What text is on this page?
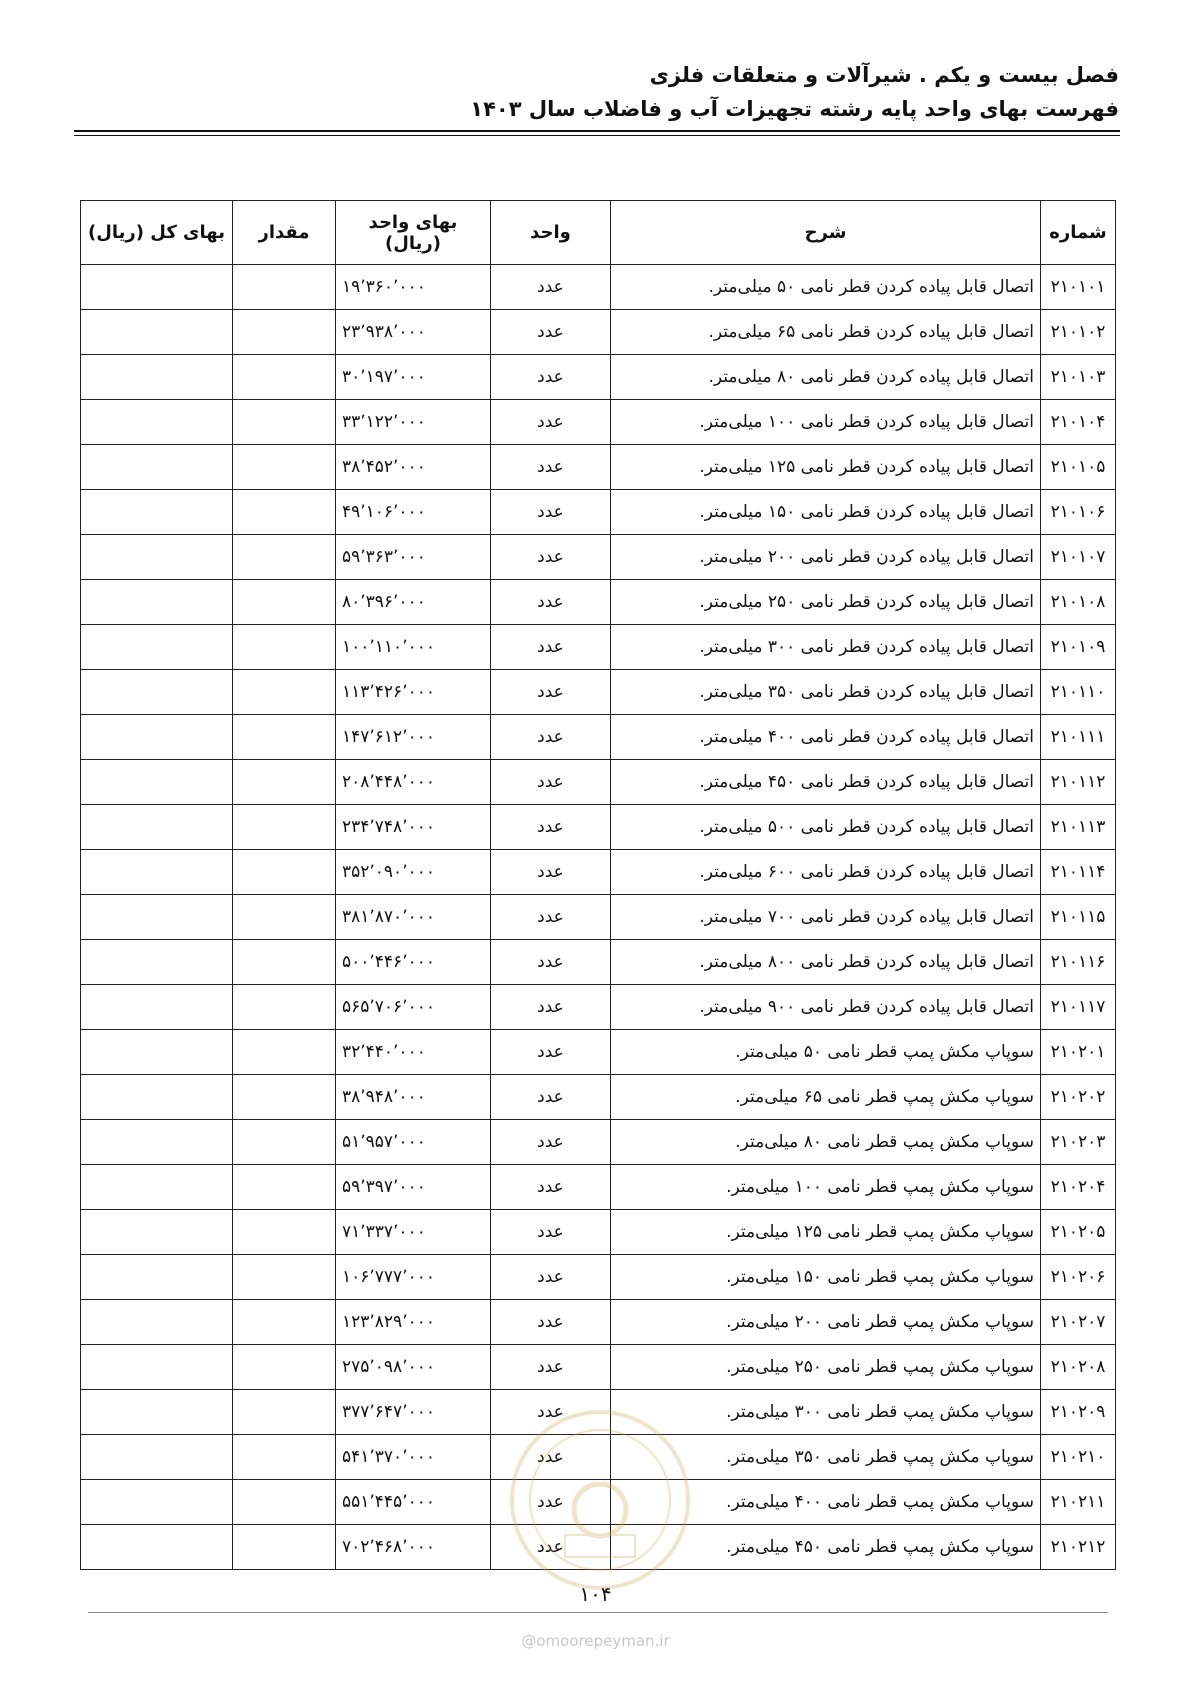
فصل بیست و یکم . شیرآلات و متعلقات فلزی
فهرست بهای واحد پایه رشته تجهیزات آب و فاضلاب سال ۱۴۰۳
شماره	شرح	واحد	بهای واحد (ریال)	مقدار	بهای کل (ریال)
۲۱۰۱۰۱	اتصال قابل پیاده کردن قطر نامی ۵۰ میلی‌متر.	عدد	۱۹٬۳۶۰٬۰۰۰		
۲۱۰۱۰۲	اتصال قابل پیاده کردن قطر نامی ۶۵ میلی‌متر.	عدد	۲۳٬۹۳۸٬۰۰۰		
۲۱۰۱۰۳	اتصال قابل پیاده کردن قطر نامی ۸۰ میلی‌متر.	عدد	۳۰٬۱۹۷٬۰۰۰		
۲۱۰۱۰۴	اتصال قابل پیاده کردن قطر نامی ۱۰۰ میلی‌متر.	عدد	۳۳٬۱۲۲٬۰۰۰		
۲۱۰۱۰۵	اتصال قابل پیاده کردن قطر نامی ۱۲۵ میلی‌متر.	عدد	۳۸٬۴۵۲٬۰۰۰		
۲۱۰۱۰۶	اتصال قابل پیاده کردن قطر نامی ۱۵۰ میلی‌متر.	عدد	۴۹٬۱۰۶٬۰۰۰		
۲۱۰۱۰۷	اتصال قابل پیاده کردن قطر نامی ۲۰۰ میلی‌متر.	عدد	۵۹٬۳۶۳٬۰۰۰		
۲۱۰۱۰۸	اتصال قابل پیاده کردن قطر نامی ۲۵۰ میلی‌متر.	عدد	۸۰٬۳۹۶٬۰۰۰		
۲۱۰۱۰۹	اتصال قابل پیاده کردن قطر نامی ۳۰۰ میلی‌متر.	عدد	۱۰۰٬۱۱۰٬۰۰۰		
۲۱۰۱۱۰	اتصال قابل پیاده کردن قطر نامی ۳۵۰ میلی‌متر.	عدد	۱۱۳٬۴۲۶٬۰۰۰		
۲۱۰۱۱۱	اتصال قابل پیاده کردن قطر نامی ۴۰۰ میلی‌متر.	عدد	۱۴۷٬۶۱۲٬۰۰۰		
۲۱۰۱۱۲	اتصال قابل پیاده کردن قطر نامی ۴۵۰ میلی‌متر.	عدد	۲۰۸٬۴۴۸٬۰۰۰		
۲۱۰۱۱۳	اتصال قابل پیاده کردن قطر نامی ۵۰۰ میلی‌متر.	عدد	۲۳۴٬۷۴۸٬۰۰۰		
۲۱۰۱۱۴	اتصال قابل پیاده کردن قطر نامی ۶۰۰ میلی‌متر.	عدد	۳۵۲٬۰۹۰٬۰۰۰		
۲۱۰۱۱۵	اتصال قابل پیاده کردن قطر نامی ۷۰۰ میلی‌متر.	عدد	۳۸۱٬۸۷۰٬۰۰۰		
۲۱۰۱۱۶	اتصال قابل پیاده کردن قطر نامی ۸۰۰ میلی‌متر.	عدد	۵۰۰٬۴۴۶٬۰۰۰		
۲۱۰۱۱۷	اتصال قابل پیاده کردن قطر نامی ۹۰۰ میلی‌متر.	عدد	۵۶۵٬۷۰۶٬۰۰۰		
۲۱۰۲۰۱	سوپاپ مکش پمپ قطر نامی ۵۰ میلی‌متر.	عدد	۳۲٬۴۴۰٬۰۰۰		
۲۱۰۲۰۲	سوپاپ مکش پمپ قطر نامی ۶۵ میلی‌متر.	عدد	۳۸٬۹۴۸٬۰۰۰		
۲۱۰۲۰۳	سوپاپ مکش پمپ قطر نامی ۸۰ میلی‌متر.	عدد	۵۱٬۹۵۷٬۰۰۰		
۲۱۰۲۰۴	سوپاپ مکش پمپ قطر نامی ۱۰۰ میلی‌متر.	عدد	۵۹٬۳۹۷٬۰۰۰		
۲۱۰۲۰۵	سوپاپ مکش پمپ قطر نامی ۱۲۵ میلی‌متر.	عدد	۷۱٬۳۳۷٬۰۰۰		
۲۱۰۲۰۶	سوپاپ مکش پمپ قطر نامی ۱۵۰ میلی‌متر.	عدد	۱۰۶٬۷۷۷٬۰۰۰		
۲۱۰۲۰۷	سوپاپ مکش پمپ قطر نامی ۲۰۰ میلی‌متر.	عدد	۱۲۳٬۸۲۹٬۰۰۰		
۲۱۰۲۰۸	سوپاپ مکش پمپ قطر نامی ۲۵۰ میلی‌متر.	عدد	۲۷۵٬۰۹۸٬۰۰۰		
۲۱۰۲۰۹	سوپاپ مکش پمپ قطر نامی ۳۰۰ میلی‌متر.	عدد	۳۷۷٬۶۴۷٬۰۰۰		
۲۱۰۲۱۰	سوپاپ مکش پمپ قطر نامی ۳۵۰ میلی‌متر.	عدد	۵۴۱٬۳۷۰٬۰۰۰		
۲۱۰۲۱۱	سوپاپ مکش پمپ قطر نامی ۴۰۰ میلی‌متر.	عدد	۵۵۱٬۴۴۵٬۰۰۰		
۲۱۰۲۱۲	سوپاپ مکش پمپ قطر نامی ۴۵۰ میلی‌متر.	عدد	۷۰۲٬۴۶۸٬۰۰۰		
۱۰۴
@omoorepeyman.ir
